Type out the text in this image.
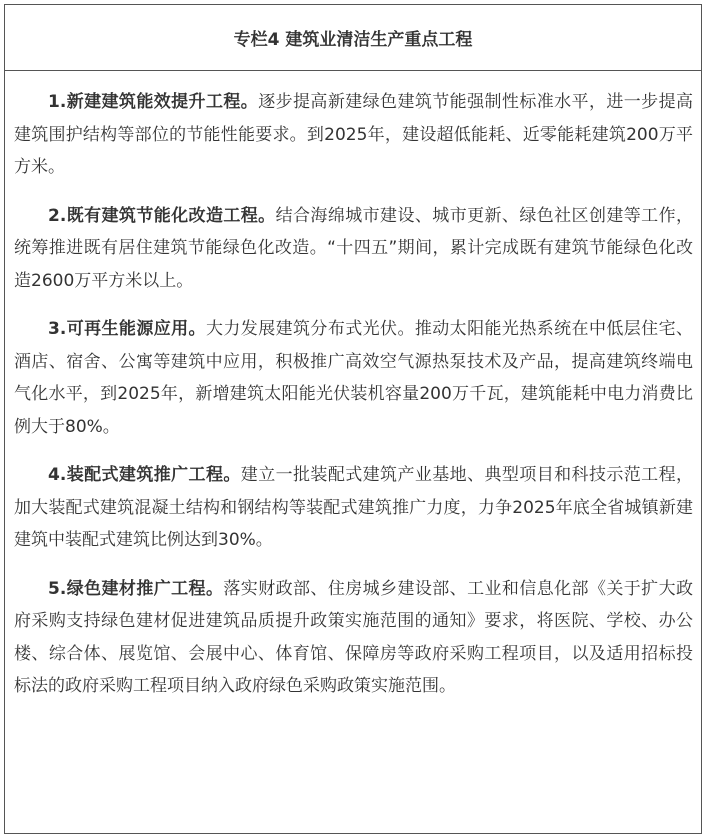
专栏4 建筑业清洁生产重点工程

1.新建建筑能效提升工程。逐步提高新建绿色建筑节能强制性标准水平，进一步提高建筑围护结构等部位的节能性能要求。到2025年，建设超低能耗、近零能耗建筑200万平方米。

2.既有建筑节能化改造工程。结合海绵城市建设、城市更新、绿色社区创建等工作，统筹推进既有居住建筑节能绿色化改造。“十四五”期间，累计完成既有建筑节能绿色化改造2600万平方米以上。

3.可再生能源应用。大力发展建筑分布式光伏。推动太阳能光热系统在中低层住宅、酒店、宿舍、公寓等建筑中应用，积极推广高效空气源热泵技术及产品，提高建筑终端电气化水平，到2025年，新增建筑太阳能光伏装机容量200万千瓦，建筑能耗中电力消费比例大于80%。

4.装配式建筑推广工程。建立一批装配式建筑产业基地、典型项目和科技示范工程，加大装配式建筑混凝土结构和钢结构等装配式建筑推广力度，力争2025年底全省城镇新建建筑中装配式建筑比例达到30%。

5.绿色建材推广工程。落实财政部、住房城乡建设部、工业和信息化部《关于扩大政府采购支持绿色建材促进建筑品质提升政策实施范围的通知》要求，将医院、学校、办公楼、综合体、展览馆、会展中心、体育馆、保障房等政府采购工程项目，以及适用招标投标法的政府采购工程项目纳入政府绿色采购政策实施范围。
